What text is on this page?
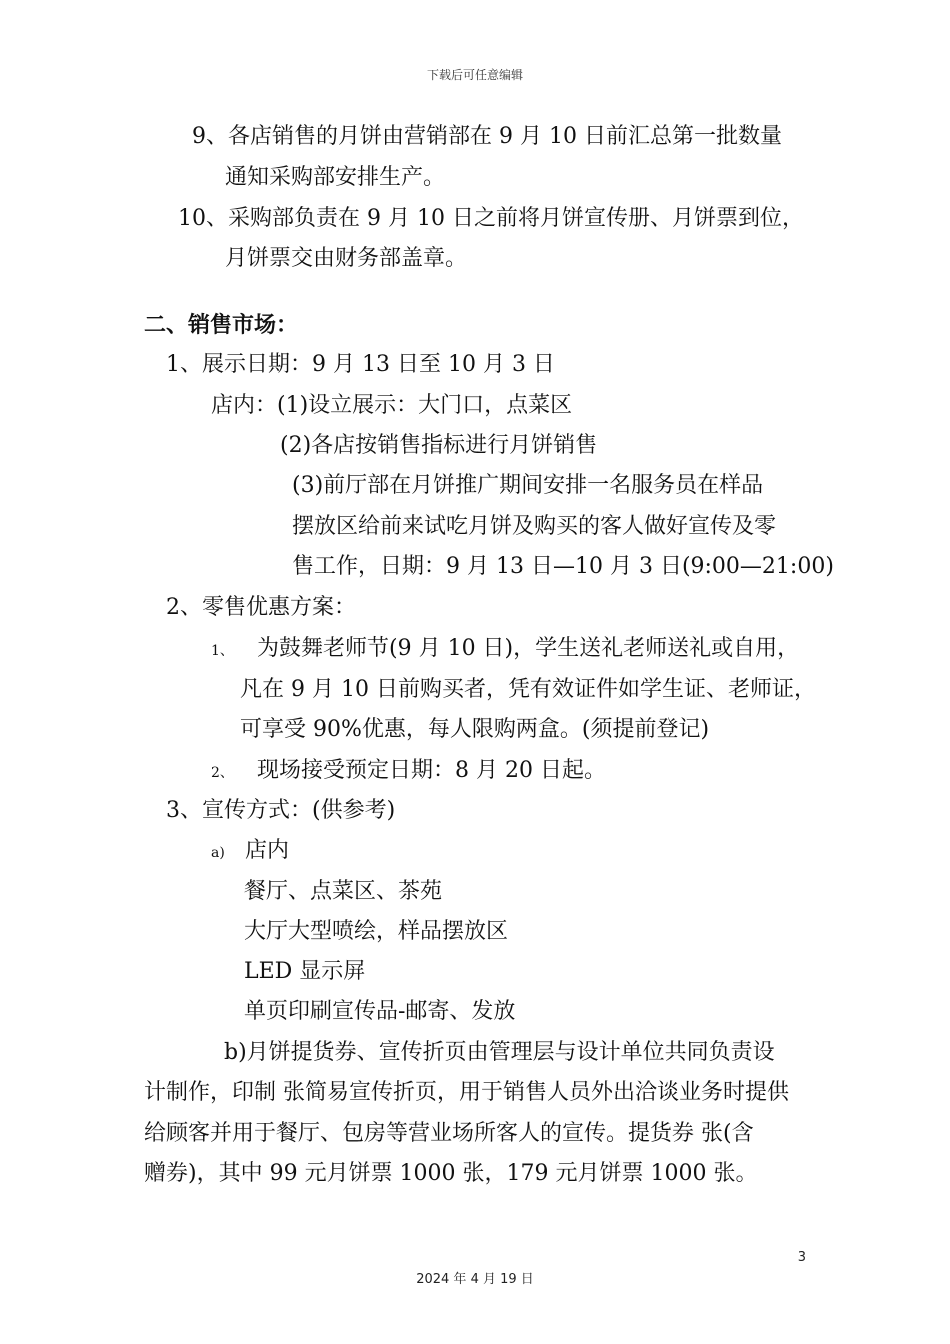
下载后可任意编辑
9、各店销售的月饼由营销部在 9 月 10 日前汇总第一批数量
通知采购部安排生产。
10、采购部负责在 9 月 10 日之前将月饼宣传册、月饼票到位，
月饼票交由财务部盖章。
二、销售市场：
1、展示日期：9 月 13 日至 10 月 3 日
店内：(1)设立展示：大门口，点菜区
(2)各店按销售指标进行月饼销售
(3)前厅部在月饼推广期间安排一名服务员在样品
摆放区给前来试吃月饼及购买的客人做好宣传及零
售工作，日期：9 月 13 日—10 月 3 日(9:00—21:00)
2、零售优惠方案：
1、 为鼓舞老师节(9 月 10 日)，学生送礼老师送礼或自用，
凡在 9 月 10 日前购买者，凭有效证件如学生证、老师证，
可享受 90%优惠，每人限购两盒。(须提前登记)
2、 现场接受预定日期：8 月 20 日起。
3、宣传方式：(供参考)
a) 店内
餐厅、点菜区、茶苑
大厅大型喷绘，样品摆放区
LED 显示屏
单页印刷宣传品-邮寄、发放
b)月饼提货券、宣传折页由管理层与设计单位共同负责设
计制作，印制 张简易宣传折页，用于销售人员外出洽谈业务时提供
给顾客并用于餐厅、包房等营业场所客人的宣传。提货券 张(含
赠券)，其中 99 元月饼票 1000 张，179 元月饼票 1000 张。
3
2024 年 4 月 19 日
